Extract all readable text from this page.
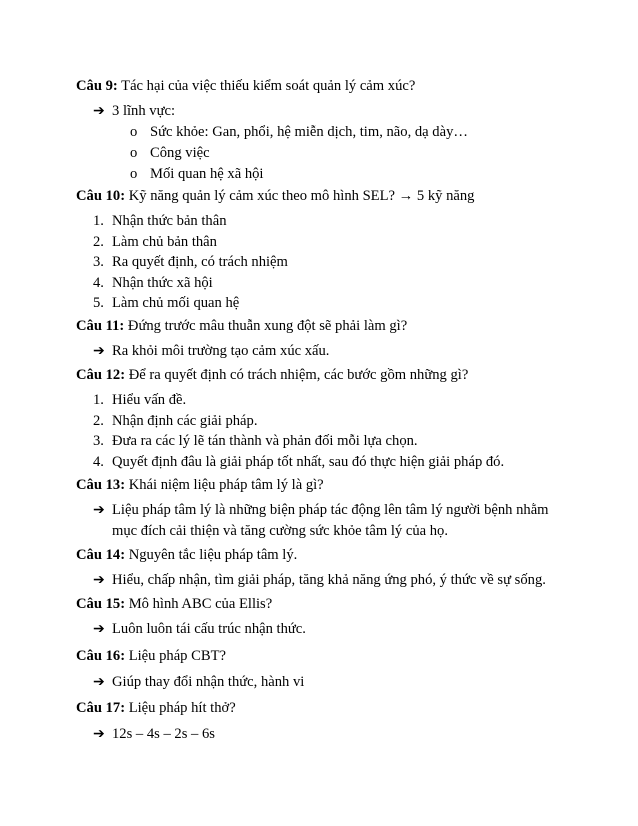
Câu 9: Tác hại của việc thiếu kiểm soát quản lý cảm xúc?
➔ 3 lĩnh vực:
o Sức khỏe: Gan, phổi, hệ miễn dịch, tim, não, dạ dày…
o Công việc
o Mối quan hệ xã hội
Câu 10: Kỹ năng quản lý cảm xúc theo mô hình SEL? → 5 kỹ năng
1. Nhận thức bản thân
2. Làm chủ bản thân
3. Ra quyết định, có trách nhiệm
4. Nhận thức xã hội
5. Làm chủ mối quan hệ
Câu 11: Đứng trước mâu thuẫn xung đột sẽ phải làm gì?
➔ Ra khỏi môi trường tạo cảm xúc xấu.
Câu 12: Để ra quyết định có trách nhiệm, các bước gồm những gì?
1. Hiểu vấn đề.
2. Nhận định các giải pháp.
3. Đưa ra các lý lẽ tán thành và phản đối mỗi lựa chọn.
4. Quyết định đâu là giải pháp tốt nhất, sau đó thực hiện giải pháp đó.
Câu 13: Khái niệm liệu pháp tâm lý là gì?
➔ Liệu pháp tâm lý là những biện pháp tác động lên tâm lý người bệnh nhằm
mục đích cải thiện và tăng cường sức khỏe tâm lý của họ.
Câu 14: Nguyên tắc liệu pháp tâm lý.
➔ Hiểu, chấp nhận, tìm giải pháp, tăng khả năng ứng phó, ý thức về sự sống.
Câu 15: Mô hình ABC của Ellis?
➔ Luôn luôn tái cấu trúc nhận thức.
Câu 16: Liệu pháp CBT?
➔ Giúp thay đổi nhận thức, hành vi
Câu 17: Liệu pháp hít thở?
➔ 12s – 4s – 2s – 6s
